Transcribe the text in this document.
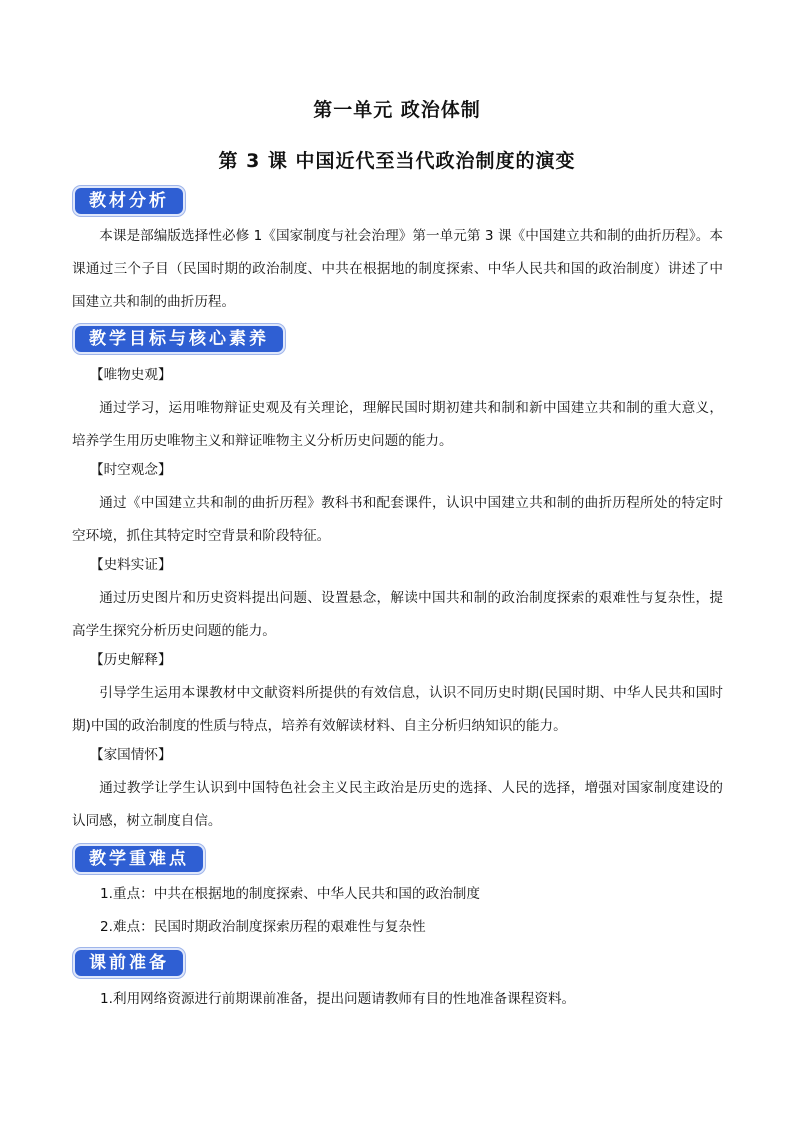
第一单元 政治体制
第 3 课 中国近代至当代政治制度的演变
教材分析

本课是部编版选择性必修 1《国家制度与社会治理》第一单元第 3 课《中国建立共和制的曲折历程》。本课通过三个子目（民国时期的政治制度、中共在根据地的制度探索、中华人民共和国的政治制度）讲述了中国建立共和制的曲折历程。

教学目标与核心素养
【唯物史观】

通过学习，运用唯物辩证史观及有关理论，理解民国时期初建共和制和新中国建立共和制的重大意义，培养学生用历史唯物主义和辩证唯物主义分析历史问题的能力。

【时空观念】

通过《中国建立共和制的曲折历程》教科书和配套课件，认识中国建立共和制的曲折历程所处的特定时空环境，抓住其特定时空背景和阶段特征。

【史料实证】

通过历史图片和历史资料提出问题、设置悬念，解读中国共和制的政治制度探索的艰难性与复杂性，提高学生探究分析历史问题的能力。

【历史解释】

引导学生运用本课教材中文献资料所提供的有效信息，认识不同历史时期(民国时期、中华人民共和国时期)中国的政治制度的性质与特点，培养有效解读材料、自主分析归纳知识的能力。

【家国情怀】

通过教学让学生认识到中国特色社会主义民主政治是历史的选择、人民的选择，增强对国家制度建设的认同感，树立制度自信。

教学重难点
1.重点：中共在根据地的制度探索、中华人民共和国的政治制度
2.难点：民国时期政治制度探索历程的艰难性与复杂性
课前准备
1.利用网络资源进行前期课前准备，提出问题请教师有目的性地准备课程资料。
